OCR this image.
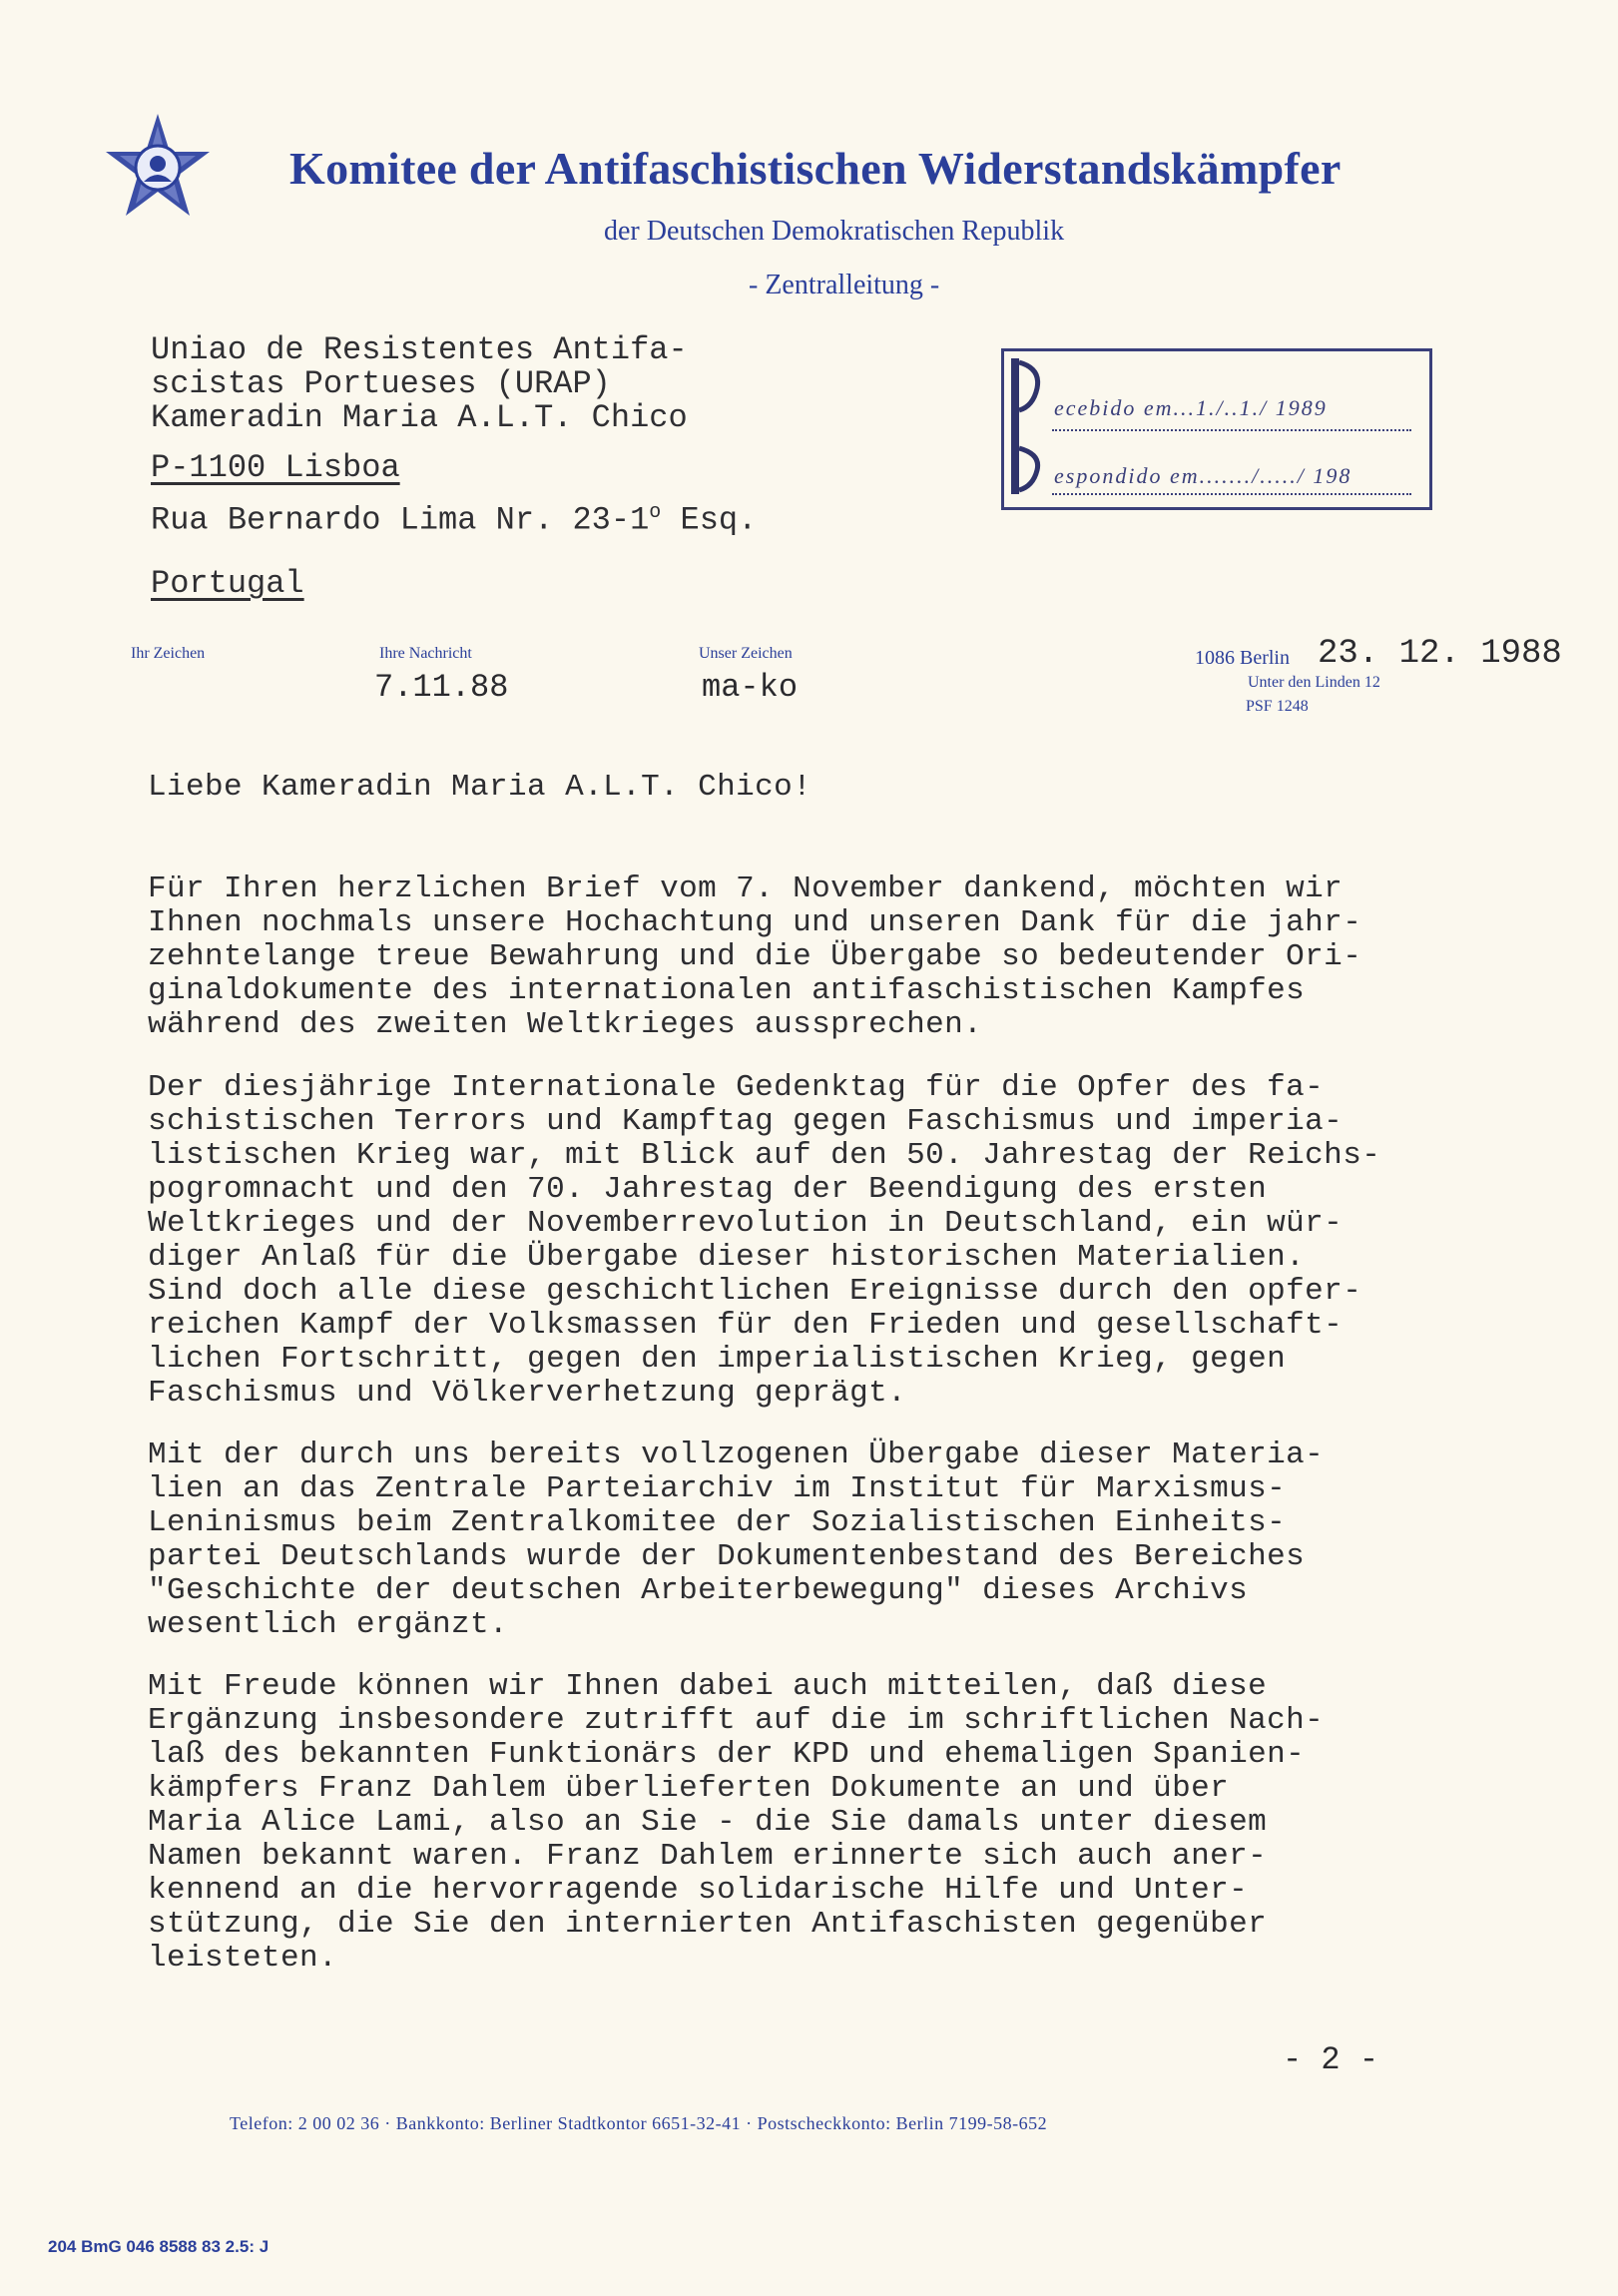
Komitee der Antifaschistischen Widerstandskämpfer
der Deutschen Demokratischen Republik
- Zentralleitung -
Uniao de Resistentes Antifa-
scistas Portueses (URAP)
Kameradin Maria A.L.T. Chico
P-1100 Lisboa
Rua Bernardo Lima Nr. 23-1$^o$ Esq.
Portugal
ecebido em...1./..1./ 1989
espondido em......./...../ 198
Ihr Zeichen	Ihre Nachricht
7.11.88
Unser Zeichen
ma-ko
1086 Berlin 23. 12. 1988
Unter den Linden 12
PSF 1248
Liebe Kameradin Maria A.L.T. Chico!
Für Ihren herzlichen Brief vom 7. November dankend, möchten wir
Ihnen nochmals unsere Hochachtung und unseren Dank für die jahr-
zehntelange treue Bewahrung und die Übergabe so bedeutender Ori-
ginaldokumente des internationalen antifaschistischen Kampfes
während des zweiten Weltkrieges aussprechen.
Der diesjährige Internationale Gedenktag für die Opfer des fa-
schistischen Terrors und Kampftag gegen Faschismus und imperia-
listischen Krieg war, mit Blick auf den 50. Jahrestag der Reichs-
pogromnacht und den 70. Jahrestag der Beendigung des ersten
Weltkrieges und der Novemberrevolution in Deutschland, ein wür-
diger Anlaß für die Übergabe dieser historischen Materialien.
Sind doch alle diese geschichtlichen Ereignisse durch den opfer-
reichen Kampf der Volksmassen für den Frieden und gesellschaft-
lichen Fortschritt, gegen den imperialistischen Krieg, gegen
Faschismus und Völkerverhetzung geprägt.
Mit der durch uns bereits vollzogenen Übergabe dieser Materia-
lien an das Zentrale Parteiarchiv im Institut für Marxismus-
Leninismus beim Zentralkomitee der Sozialistischen Einheits-
partei Deutschlands wurde der Dokumentenbestand des Bereiches
"Geschichte der deutschen Arbeiterbewegung" dieses Archivs
wesentlich ergänzt.
Mit Freude können wir Ihnen dabei auch mitteilen, daß diese
Ergänzung insbesondere zutrifft auf die im schriftlichen Nach-
laß des bekannten Funktionärs der KPD und ehemaligen Spanien-
kämpfers Franz Dahlem überlieferten Dokumente an und über
Maria Alice Lami, also an Sie - die Sie damals unter diesem
Namen bekannt waren. Franz Dahlem erinnerte sich auch aner-
kennend an die hervorragende solidarische Hilfe und Unter-
stützung, die Sie den internierten Antifaschisten gegenüber
leisteten.
- 2 -
Telefon: 2 00 02 36 · Bankkonto: Berliner Stadtkontor 6651-32-41 · Postscheckkonto: Berlin 7199-58-652
204 BmG 046 8588 83 2.5: J
